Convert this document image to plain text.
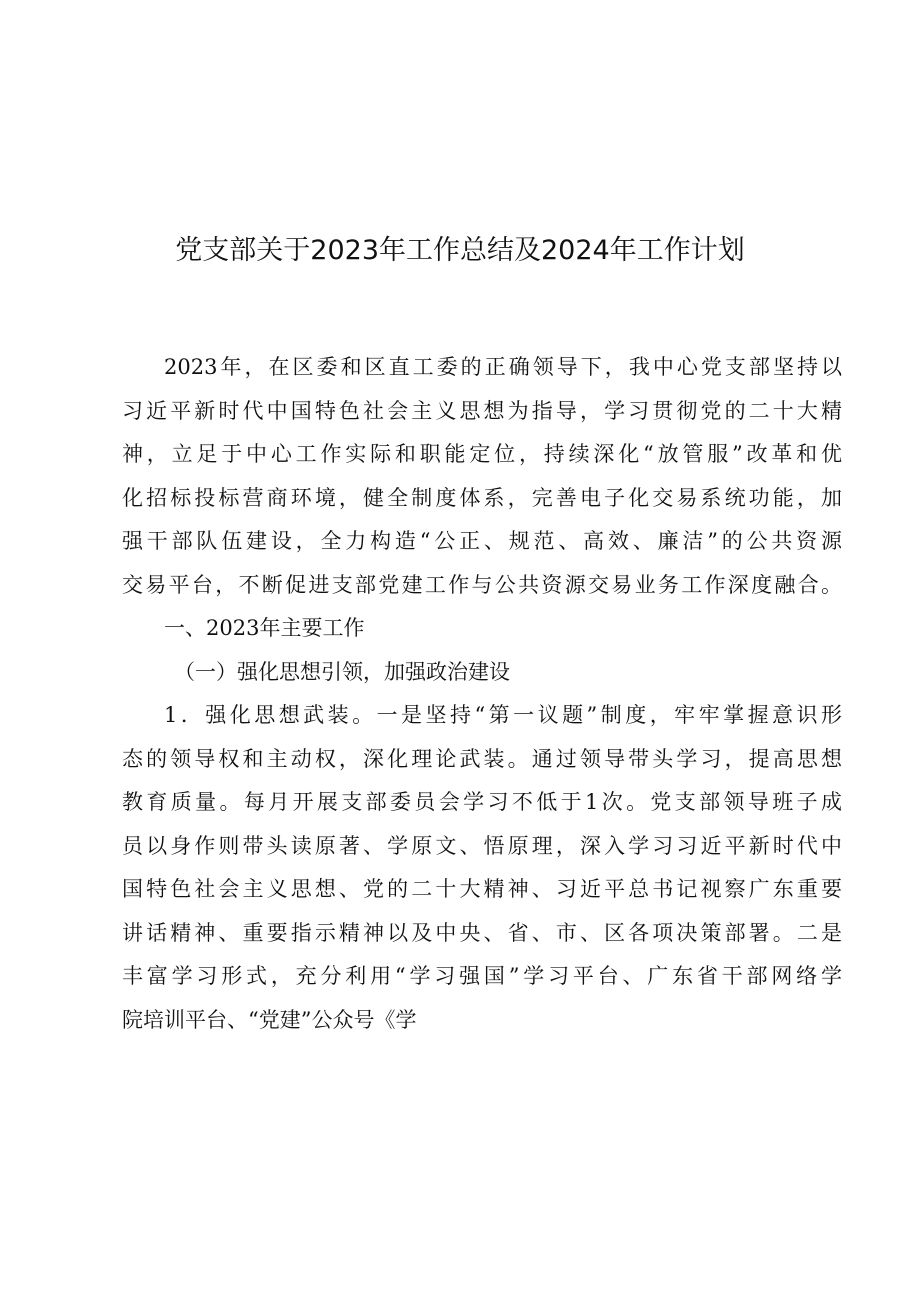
党支部关于2023年工作总结及2024年工作计划
2023年，在区委和区直工委的正确领导下，我中心党支部坚持以
习近平新时代中国特色社会主义思想为指导，学习贯彻党的二十大精
神，立足于中心工作实际和职能定位，持续深化“放管服”改革和优
化招标投标营商环境，健全制度体系，完善电子化交易系统功能，加
强干部队伍建设，全力构造“公正、规范、高效、廉洁”的公共资源
交易平台，不断促进支部党建工作与公共资源交易业务工作深度融合。
一、2023年主要工作
（一）强化思想引领，加强政治建设
1．强化思想武装。一是坚持“第一议题”制度，牢牢掌握意识形
态的领导权和主动权，深化理论武装。通过领导带头学习，提高思想
教育质量。每月开展支部委员会学习不低于1次。党支部领导班子成
员以身作则带头读原著、学原文、悟原理，深入学习习近平新时代中
国特色社会主义思想、党的二十大精神、习近平总书记视察广东重要
讲话精神、重要指示精神以及中央、省、市、区各项决策部署。二是
丰富学习形式，充分利用“学习强国”学习平台、广东省干部网络学
院培训平台、“党建”公众号《学
